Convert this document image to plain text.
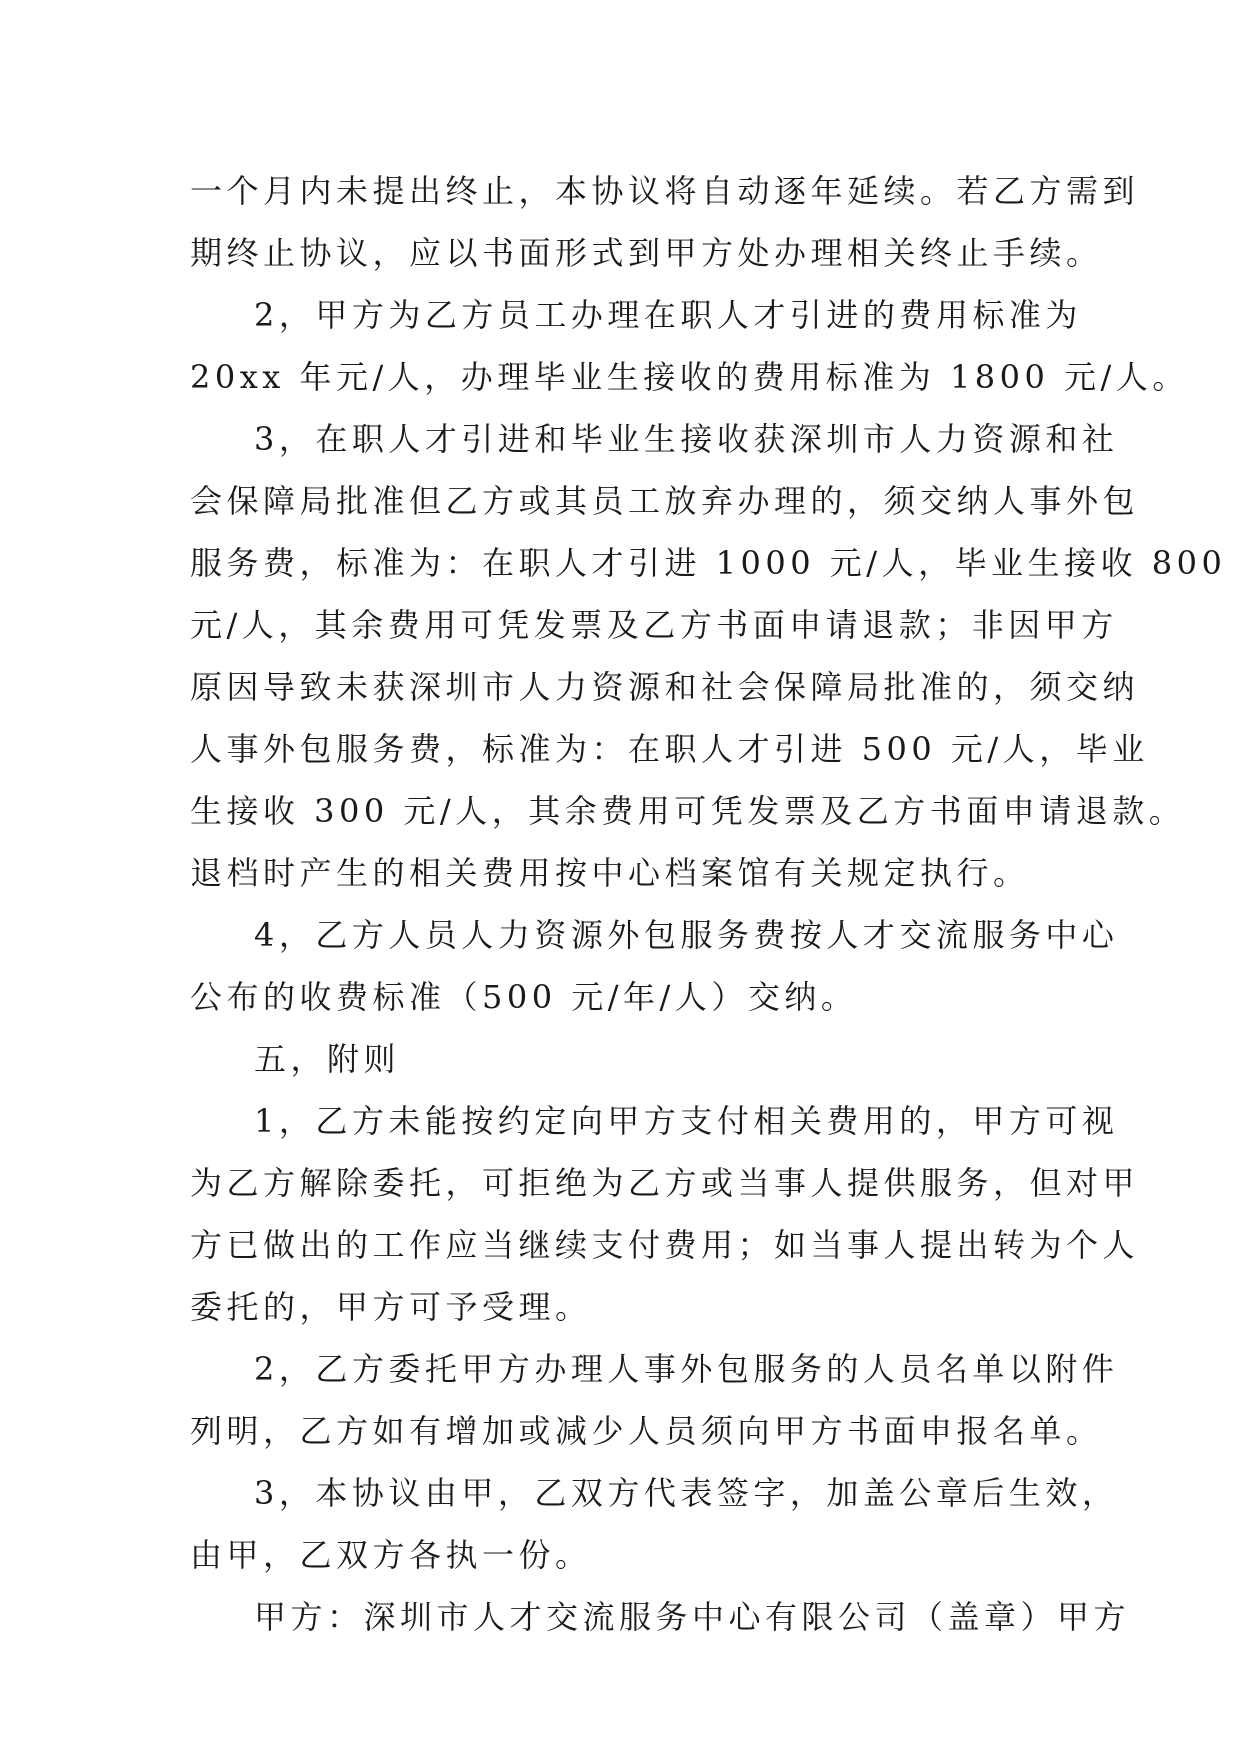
一个月内未提出终止，本协议将自动逐年延续。若乙方需到
期终止协议，应以书面形式到甲方处办理相关终止手续。

2，甲方为乙方员工办理在职人才引进的费用标准为
20xx 年元/人，办理毕业生接收的费用标准为 1800 元/人。

3，在职人才引进和毕业生接收获深圳市人力资源和社
会保障局批准但乙方或其员工放弃办理的，须交纳人事外包
服务费，标准为：在职人才引进 1000 元/人，毕业生接收 800
元/人，其余费用可凭发票及乙方书面申请退款；非因甲方
原因导致未获深圳市人力资源和社会保障局批准的，须交纳
人事外包服务费，标准为：在职人才引进 500 元/人，毕业
生接收 300 元/人，其余费用可凭发票及乙方书面申请退款。
退档时产生的相关费用按中心档案馆有关规定执行。

4，乙方人员人力资源外包服务费按人才交流服务中心
公布的收费标准（500 元/年/人）交纳。

五，附则

1，乙方未能按约定向甲方支付相关费用的，甲方可视
为乙方解除委托，可拒绝为乙方或当事人提供服务，但对甲
方已做出的工作应当继续支付费用；如当事人提出转为个人
委托的，甲方可予受理。

2，乙方委托甲方办理人事外包服务的人员名单以附件
列明，乙方如有增加或减少人员须向甲方书面申报名单。

3，本协议由甲，乙双方代表签字，加盖公章后生效，
由甲，乙双方各执一份。

甲方：深圳市人才交流服务中心有限公司（盖章）甲方
